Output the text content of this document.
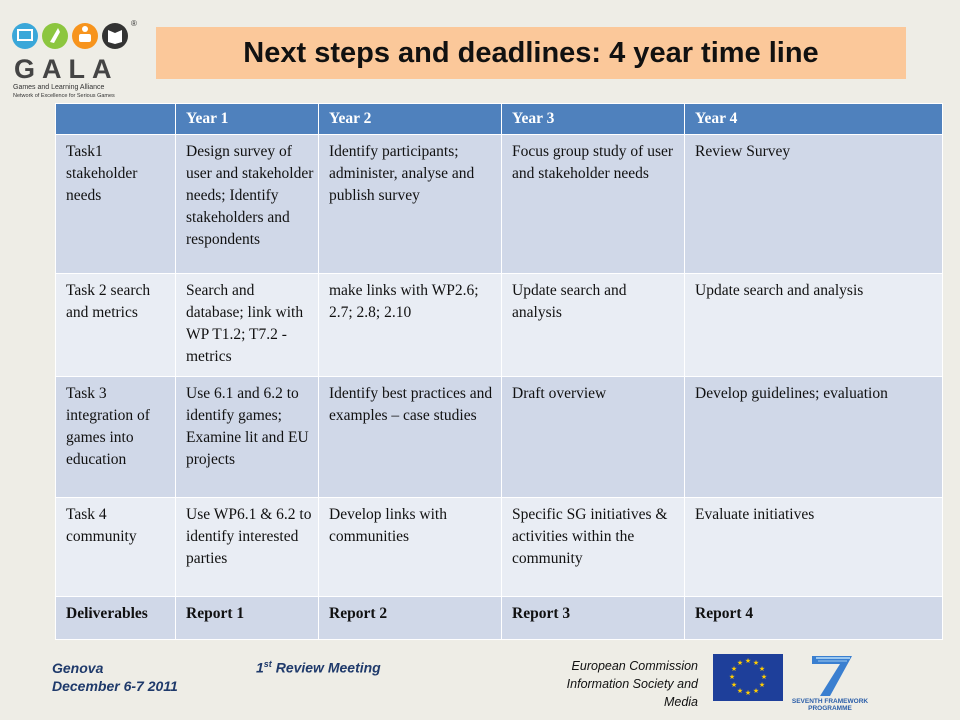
®
GALA
Games and Learning Alliance
Network of Excellence for Serious Games
Next steps and deadlines: 4 year time line
	Year 1	Year 2	Year 3	Year 4
Task1 stakeholder needs	Design survey of user and stakeholder needs; Identify stakeholders and respondents	Identify participants; administer, analyse and publish survey	Focus group study of user and stakeholder needs	Review Survey
Task 2 search and metrics	Search and database; link with WP T1.2; T7.2 - metrics	make links with WP2.6; 2.7; 2.8; 2.10	Update search and analysis	Update search and analysis
Task 3 integration of games into education	Use 6.1 and 6.2 to identify games; Examine lit and EU projects	Identify best practices and examples – case studies	Draft overview	Develop guidelines; evaluation
Task 4 community	Use WP6.1 & 6.2 to identify interested parties	Develop links with communities	Specific SG initiatives & activities within the community	Evaluate initiatives
Deliverables	Report 1	Report 2	Report 3	Report 4
Genova
December 6-7 2011
1st Review Meeting	European Commission
Information Society and
Media
★ ★
★
★
★
★
★
★
★
★
★
★
SEVENTH FRAMEWORK
PROGRAMME
